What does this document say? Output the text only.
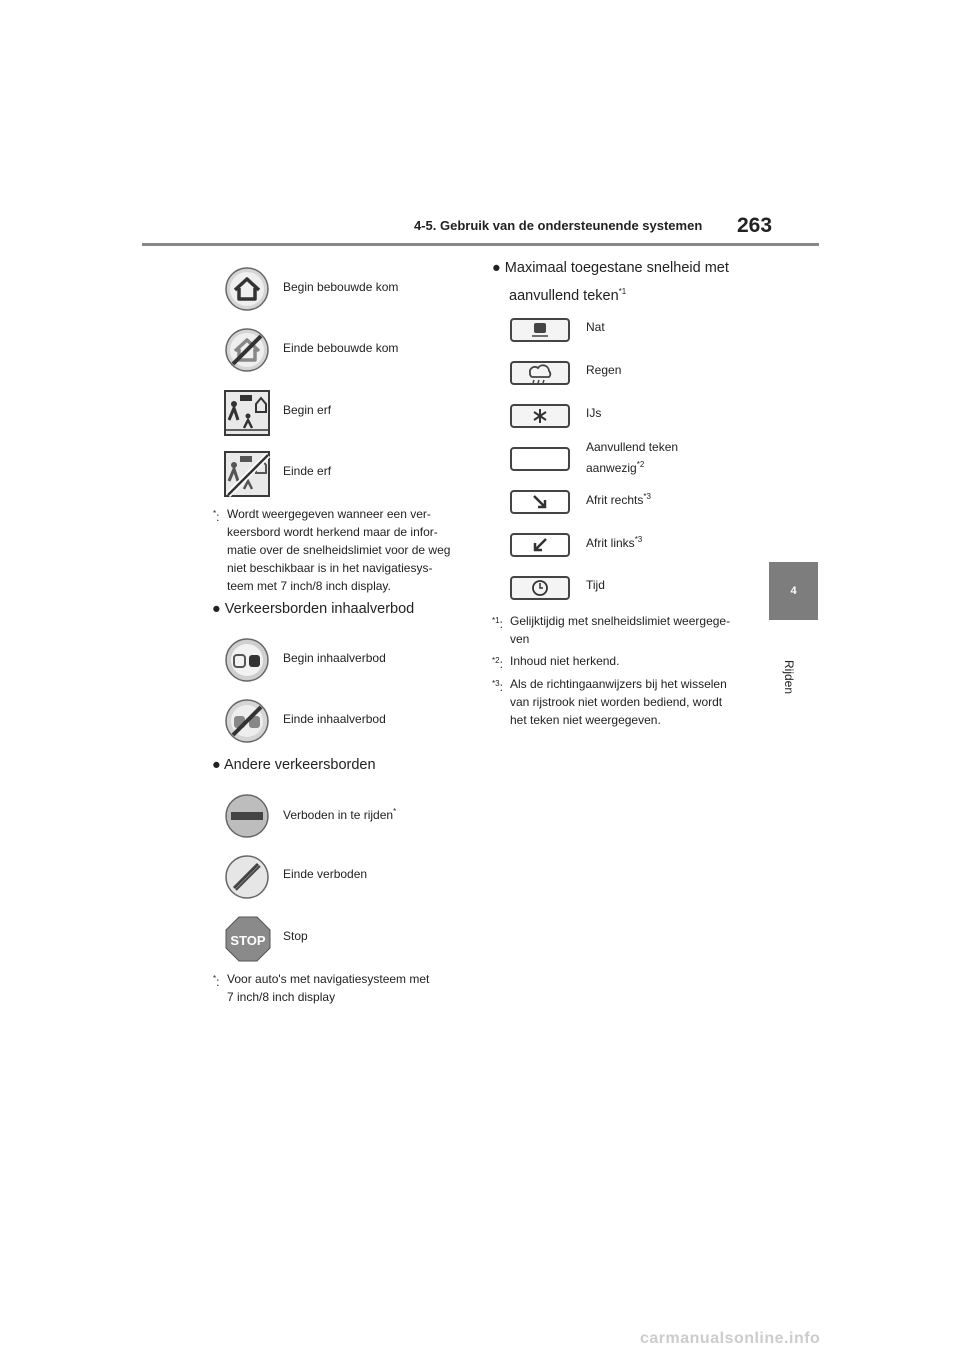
4-5. Gebruik van de ondersteunende systemen 263
4
Rijden
Begin bebouwde kom
Einde bebouwde kom
Begin erf
Einde erf
*: Wordt weergegeven wanneer een ver-
keersbord wordt herkend maar de infor-
matie over de snelheidslimiet voor de weg
niet beschikbaar is in het navigatiesys-
teem met 7 inch/8 inch display.
● Verkeersborden inhaalverbod
Begin inhaalverbod
Einde inhaalverbod
● Andere verkeersborden
Verboden in te rijden*
Einde verboden
STOP Stop
*: Voor auto's met navigatiesysteem met
7 inch/8 inch display
● Maximaal toegestane snelheid met
aanvullend teken$^{*1}$
Nat
Regen
IJs
Aanvullend teken
aanwezig$^{*2}$
Afrit rechts$^{*3}$
Afrit links$^{*3}$
Tijd
$^{*1}$: Gelijktijdig met snelheidslimiet weergege-
ven
$^{*2}$: Inhoud niet herkend.
$^{*3}$: Als de richtingaanwijzers bij het wisselen
van rijstrook niet worden bediend, wordt
het teken niet weergegeven.
carmanualsonline.info
